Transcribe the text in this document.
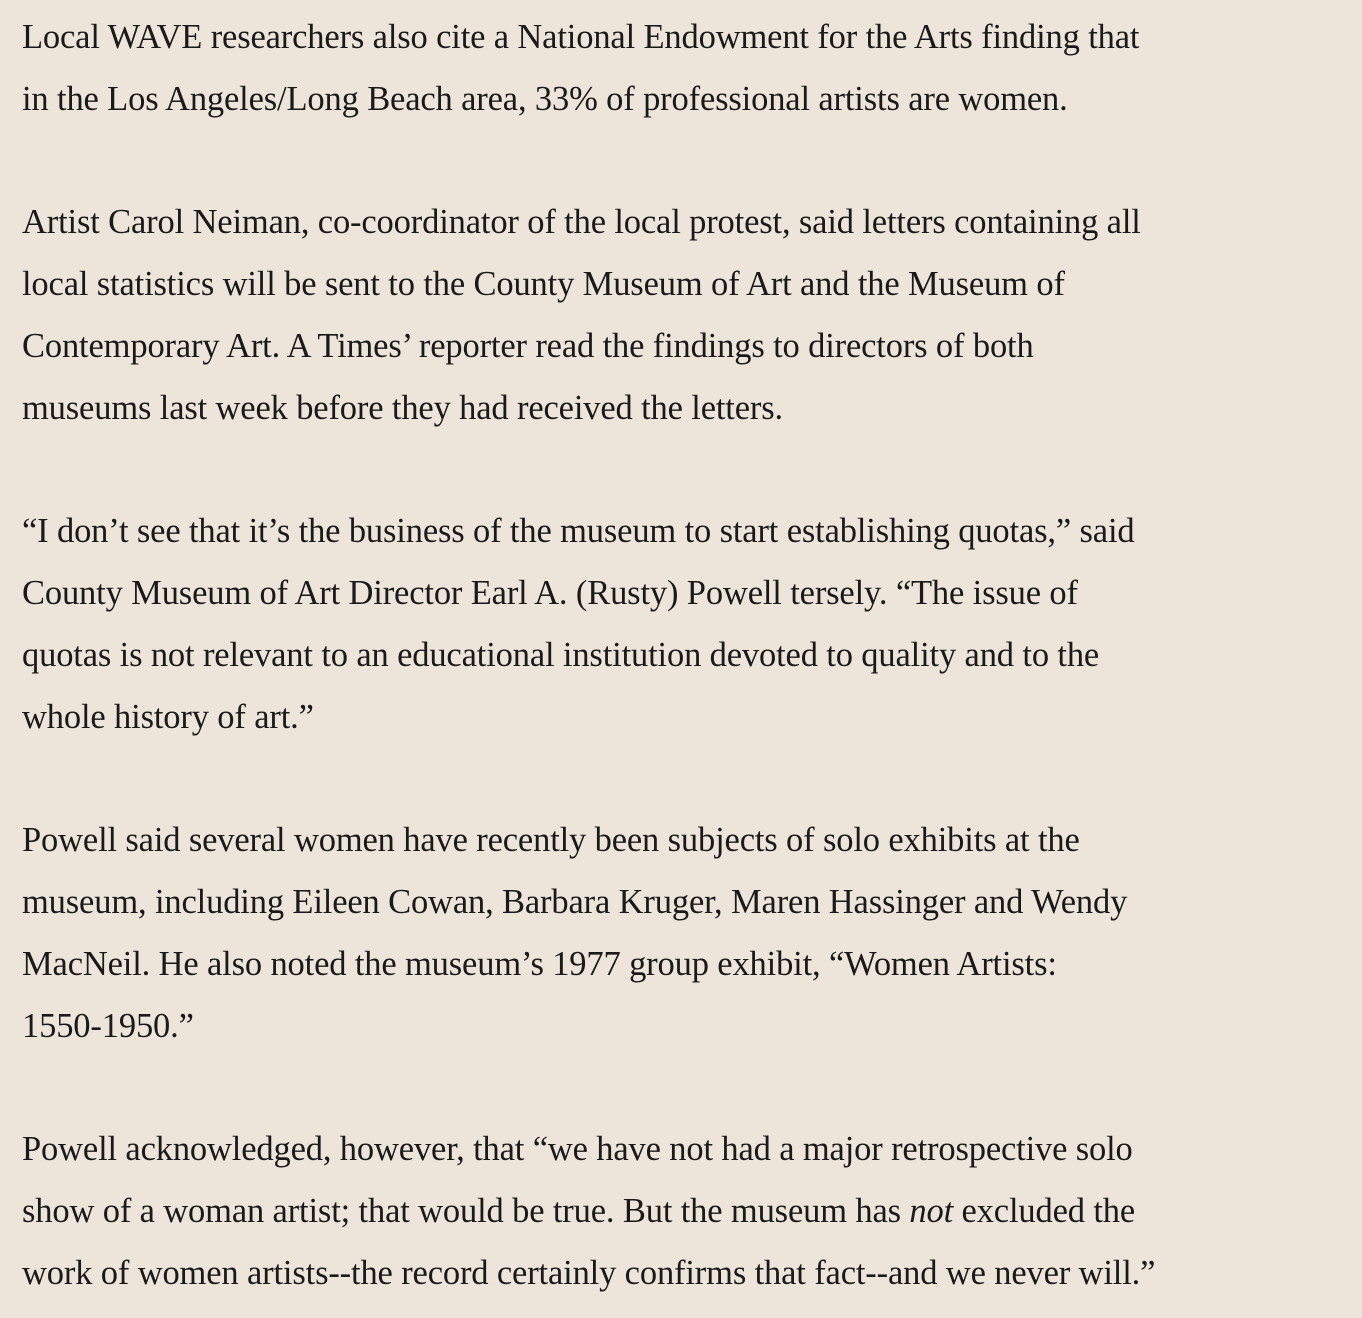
Local WAVE researchers also cite a National Endowment for the Arts finding that
in the Los Angeles/Long Beach area, 33% of professional artists are women.

Artist Carol Neiman, co-coordinator of the local protest, said letters containing all
local statistics will be sent to the County Museum of Art and the Museum of
Contemporary Art. A Times’ reporter read the findings to directors of both
museums last week before they had received the letters.

“I don’t see that it’s the business of the museum to start establishing quotas,” said
County Museum of Art Director Earl A. (Rusty) Powell tersely. “The issue of
quotas is not relevant to an educational institution devoted to quality and to the
whole history of art.”

Powell said several women have recently been subjects of solo exhibits at the
museum, including Eileen Cowan, Barbara Kruger, Maren Hassinger and Wendy
MacNeil. He also noted the museum’s 1977 group exhibit, “Women Artists:
1550-1950.”

Powell acknowledged, however, that “we have not had a major retrospective solo
show of a woman artist; that would be true. But the museum has not excluded the
work of women artists--the record certainly confirms that fact--and we never will.”
